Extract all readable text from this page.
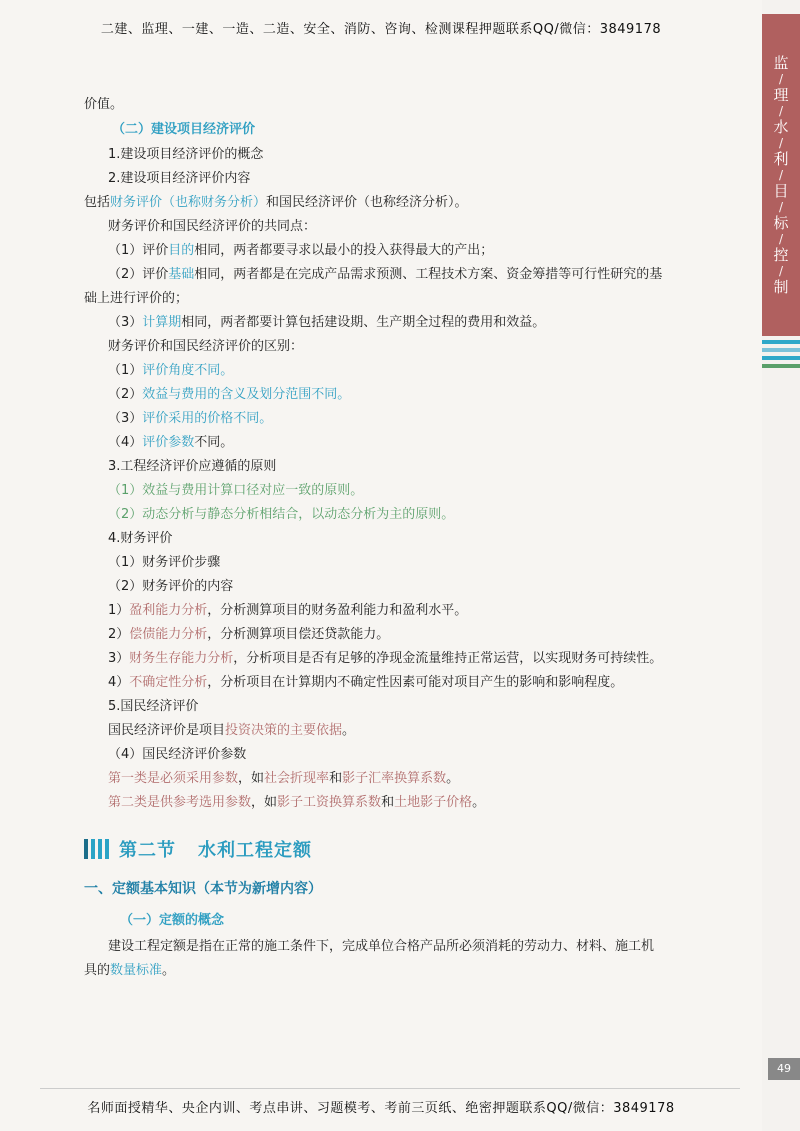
二建、监理、一建、一造、二造、安全、消防、咨询、检测课程押题联系QQ/微信：3849178
监
/
理
/
水
/
利
/
目
/
标
/
控
/
制
价值。
（二）建设项目经济评价
1.建设项目经济评价的概念
2.建设项目经济评价内容
包括财务评价（也称财务分析）和国民经济评价（也称经济分析）。
财务评价和国民经济评价的共同点：
（1）评价目的相同，两者都要寻求以最小的投入获得最大的产出；
（2）评价基础相同，两者都是在完成产品需求预测、工程技术方案、资金筹措等可行性研究的基
础上进行评价的；
（3）计算期相同，两者都要计算包括建设期、生产期全过程的费用和效益。
财务评价和国民经济评价的区别：
（1）评价角度不同。
（2）效益与费用的含义及划分范围不同。
（3）评价采用的价格不同。
（4）评价参数不同。
3.工程经济评价应遵循的原则
（1）效益与费用计算口径对应一致的原则。
（2）动态分析与静态分析相结合，以动态分析为主的原则。
4.财务评价
（1）财务评价步骤
（2）财务评价的内容
1）盈利能力分析，分析测算项目的财务盈利能力和盈利水平。
2）偿债能力分析，分析测算项目偿还贷款能力。
3）财务生存能力分析，分析项目是否有足够的净现金流量维持正常运营，以实现财务可持续性。
4）不确定性分析，分析项目在计算期内不确定性因素可能对项目产生的影响和影响程度。
5.国民经济评价
国民经济评价是项目投资决策的主要依据。
（4）国民经济评价参数
第一类是必须采用参数，如社会折现率和影子汇率换算系数。
第二类是供参考选用参数，如影子工资换算系数和土地影子价格。
第二节 水利工程定额
一、定额基本知识（本节为新增内容）
（一）定额的概念
建设工程定额是指在正常的施工条件下，完成单位合格产品所必须消耗的劳动力、材料、施工机
具的数量标准。
49
名师面授精华、央企内训、考点串讲、习题模考、考前三页纸、绝密押题联系QQ/微信：3849178
